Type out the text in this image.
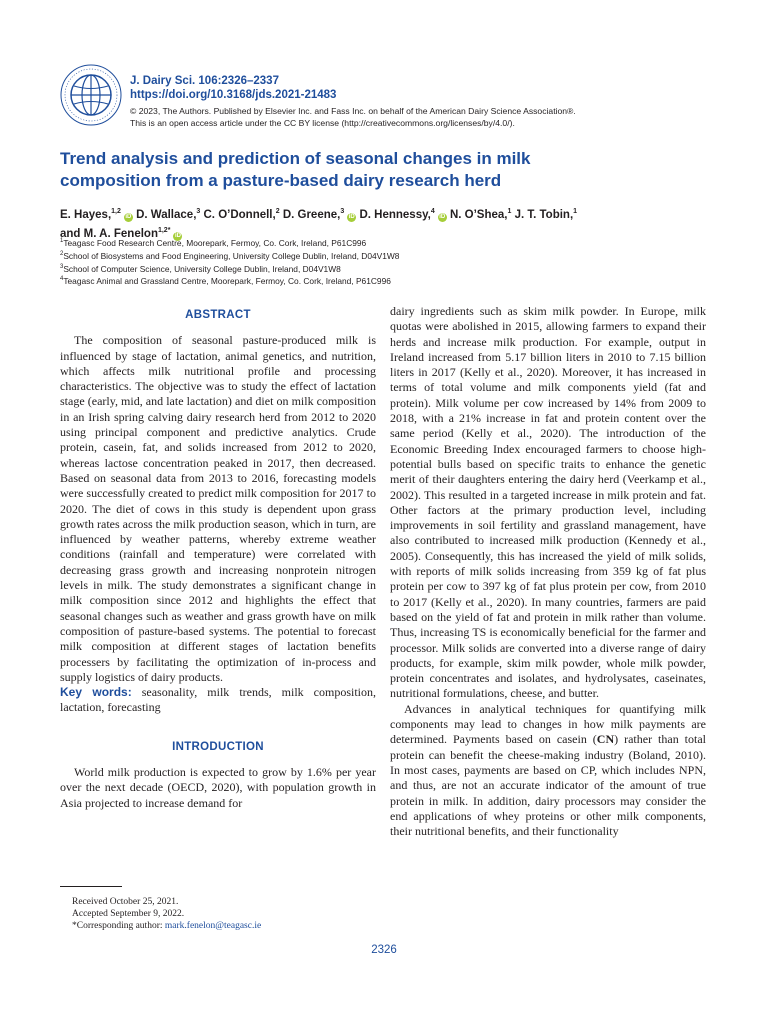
J. Dairy Sci. 106:2326–2337
https://doi.org/10.3168/jds.2021-21483
© 2023, The Authors. Published by Elsevier Inc. and Fass Inc. on behalf of the American Dairy Science Association®.
This is an open access article under the CC BY license (http://creativecommons.org/licenses/by/4.0/).
Trend analysis and prediction of seasonal changes in milk composition from a pasture-based dairy research herd
E. Hayes,$^{1,2}$iD D. Wallace,$^3$ C. O’Donnell,$^2$ D. Greene,$^3$iD D. Hennessy,$^4$iD N. O’Shea,$^1$ J. T. Tobin,$^1$
and M. A. Fenelon$^{1,2*}$iD
$^1$Teagasc Food Research Centre, Moorepark, Fermoy, Co. Cork, Ireland, P61C996
$^2$School of Biosystems and Food Engineering, University College Dublin, Ireland, D04V1W8
$^3$School of Computer Science, University College Dublin, Ireland, D04V1W8
$^4$Teagasc Animal and Grassland Centre, Moorepark, Fermoy, Co. Cork, Ireland, P61C996
ABSTRACT

The composition of seasonal pasture-produced milk is influenced by stage of lactation, animal genetics, and nutrition, which affects milk nutritional profile and processing characteristics. The objective was to study the effect of lactation stage (early, mid, and late lactation) and diet on milk composition in an Irish spring calving dairy research herd from 2012 to 2020 using principal component and predictive analytics. Crude protein, casein, fat, and solids increased from 2012 to 2020, whereas lactose concentration peaked in 2017, then decreased. Based on seasonal data from 2013 to 2016, forecasting models were successfully created to predict milk composition for 2017 to 2020. The diet of cows in this study is dependent upon grass growth rates across the milk production season, which in turn, are influenced by weather patterns, whereby extreme weather conditions (rainfall and temperature) were correlated with decreasing grass growth and increasing nonprotein nitrogen levels in milk. The study demonstrates a significant change in milk composition since 2012 and highlights the effect that seasonal changes such as weather and grass growth have on milk composition of pasture-based systems. The potential to forecast milk composition at different stages of lactation benefits processers by facilitating the optimization of in-process and supply logistics of dairy products.

Key words: seasonality, milk trends, milk composition, lactation, forecasting

INTRODUCTION

World milk production is expected to grow by 1.6% per year over the next decade (OECD, 2020), with population growth in Asia projected to increase demand for

dairy ingredients such as skim milk powder. In Europe, milk quotas were abolished in 2015, allowing farmers to expand their herds and increase milk production. For example, output in Ireland increased from 5.17 billion liters in 2010 to 7.15 billion liters in 2017 (Kelly et al., 2020). Moreover, it has increased in terms of total volume and milk components yield (fat and protein). Milk volume per cow increased by 14% from 2009 to 2018, with a 21% increase in fat and protein content over the same period (Kelly et al., 2020). The introduction of the Economic Breeding Index encouraged farmers to choose high-potential bulls based on specific traits to enhance the genetic merit of their daughters entering the dairy herd (Veerkamp et al., 2002). This resulted in a targeted increase in milk protein and fat. Other factors at the primary production level, including improvements in soil fertility and grassland management, have also contributed to increased milk production (Kennedy et al., 2005). Consequently, this has increased the yield of milk solids, with reports of milk solids increasing from 359 kg of fat plus protein per cow to 397 kg of fat plus protein per cow, from 2010 to 2017 (Kelly et al., 2020). In many countries, farmers are paid based on the yield of fat and protein in milk rather than volume. Thus, increasing TS is economically beneficial for the farmer and processor. Milk solids are converted into a diverse range of dairy products, for example, skim milk powder, whole milk powder, protein concentrates and isolates, and hydrolysates, caseinates, nutritional formulations, cheese, and butter.

Advances in analytical techniques for quantifying milk components may lead to changes in how milk payments are determined. Payments based on casein (CN) rather than total protein can benefit the cheese-making industry (Boland, 2010). In most cases, payments are based on CP, which includes NPN, and thus, are not an accurate indicator of the amount of true protein in milk. In addition, dairy processors may consider the end applications of whey proteins or other milk components, their nutritional benefits, and their functionality

Received October 25, 2021.
Accepted September 9, 2022.
*Corresponding author: mark.fenelon@teagasc.ie
2326
